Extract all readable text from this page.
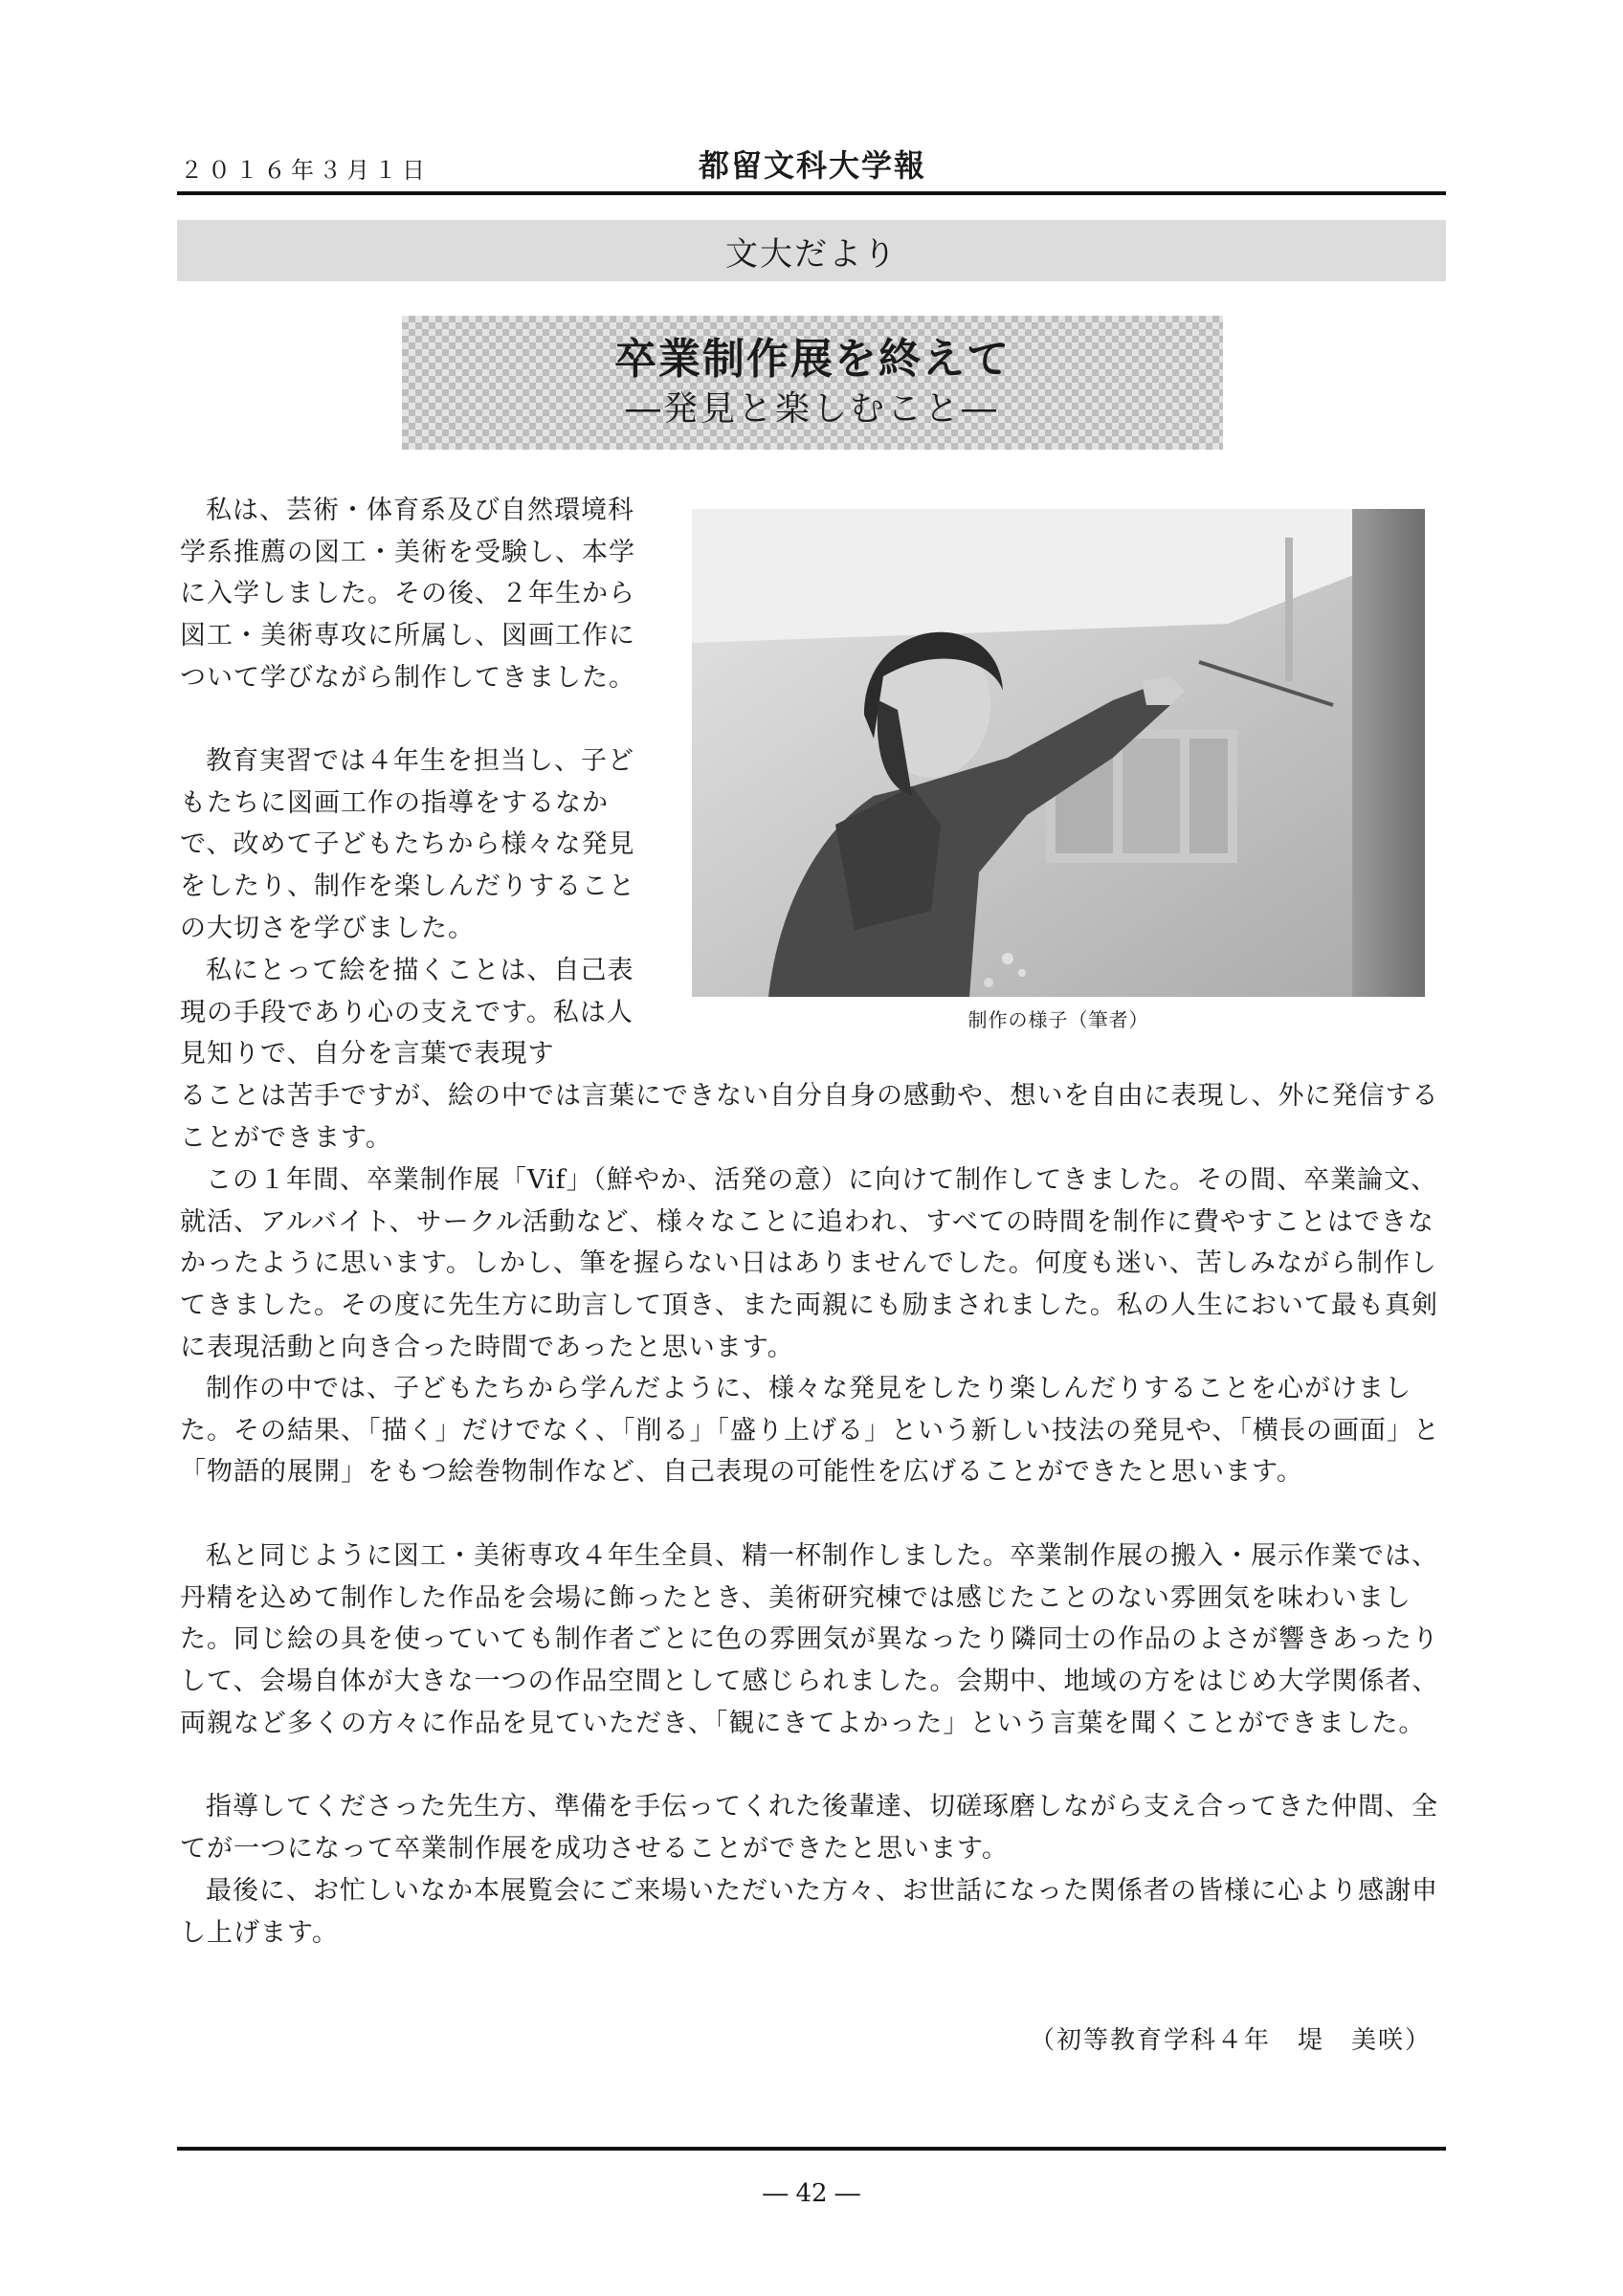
２０１６年３月１日	都留文科大学報
文大だより
卒業制作展を終えて
―発見と楽しむこと―

私は、芸術・体育系及び自然環境科学系推薦の図工・美術を受験し、本学に入学しました。その後、２年生から図工・美術専攻に所属し、図画工作について学びながら制作してきました。

教育実習では４年生を担当し、子どもたちに図画工作の指導をするなかで、改めて子どもたちから様々な発見をしたり、制作を楽しんだりすることの大切さを学びました。

私にとって絵を描くことは、自己表現の手段であり心の支えです。私は人見知りで、自分を言葉で表現す

ることは苦手ですが、絵の中では言葉にできない自分自身の感動や、想いを自由に表現し、外に発信することができます。

この１年間、卒業制作展「Vif」（鮮やか、活発の意）に向けて制作してきました。その間、卒業論文、就活、アルバイト、サークル活動など、様々なことに追われ、すべての時間を制作に費やすことはできなかったように思います。しかし、筆を握らない日はありませんでした。何度も迷い、苦しみながら制作してきました。その度に先生方に助言して頂き、また両親にも励まされました。私の人生において最も真剣に表現活動と向き合った時間であったと思います。

制作の中では、子どもたちから学んだように、様々な発見をしたり楽しんだりすることを心がけました。その結果、「描く」だけでなく、「削る」「盛り上げる」という新しい技法の発見や、「横長の画面」と「物語的展開」をもつ絵巻物制作など、自己表現の可能性を広げることができたと思います。

私と同じように図工・美術専攻４年生全員、精一杯制作しました。卒業制作展の搬入・展示作業では、丹精を込めて制作した作品を会場に飾ったとき、美術研究棟では感じたことのない雰囲気を味わいました。同じ絵の具を使っていても制作者ごとに色の雰囲気が異なったり隣同士の作品のよさが響きあったりして、会場自体が大きな一つの作品空間として感じられました。会期中、地域の方をはじめ大学関係者、両親など多くの方々に作品を見ていただき、「観にきてよかった」という言葉を聞くことができました。

指導してくださった先生方、準備を手伝ってくれた後輩達、切磋琢磨しながら支え合ってきた仲間、全てが一つになって卒業制作展を成功させることができたと思います。

最後に、お忙しいなか本展覧会にご来場いただいた方々、お世話になった関係者の皆様に心より感謝申し上げます。

制作の様子（筆者）
（初等教育学科４年　堤　美咲）
― 42 ―
